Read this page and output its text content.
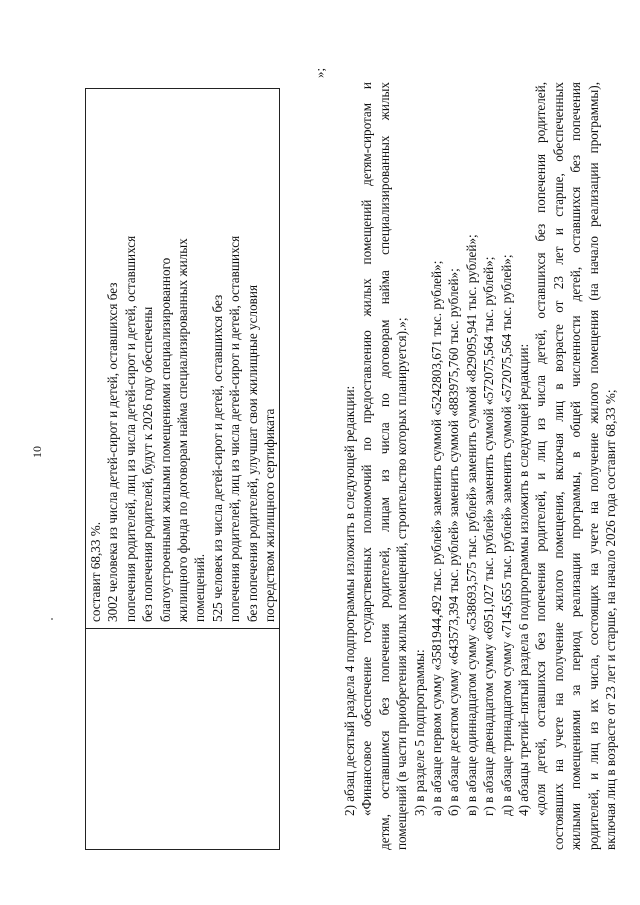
10

составит 68,33 %. 3002 человека из числа детей-сирот и детей, оставшихся без попечения родителей, лиц из числа детей-сирот и детей, оставшихся без попечения родителей, будут к 2026 году обеспечены благоустроенными жилыми помещениями специализированного жилищного фонда по договорам найма специализированных жилых помещений. 525 человек из числа детей-сирот и детей, оставшихся без попечения родителей, лиц из числа детей-сирот и детей, оставшихся без попечения родителей, улучшат свои жилищные условия посредством жилищного сертификата
»;

2) абзац десятый раздела 4 подпрограммы изложить в следующей редакции: «Финансовое обеспечение государственных полномочий по предоставлению жилых помещений детям-сиротам и детям, оставшимся без попечения родителей, лицам из числа по договорам найма специализированных жилых помещений (в части приобретения жилых помещений, строительство которых планируется).»; 3) в разделе 5 подпрограммы: а) в абзаце первом сумму «3581944,492 тыс. рублей» заменить суммой «5242803,671 тыс. рублей»; б) в абзаце десятом сумму «643573,394 тыс. рублей» заменить суммой «883975,760 тыс. рублей»; в) в абзаце одиннадцатом сумму «538693,575 тыс. рублей» заменить суммой «829095,941 тыс. рублей»; г) в абзаце двенадцатом сумму «6951,027 тыс. рублей» заменить суммой «572075,564 тыс. рублей»; д) в абзаце тринадцатом сумму «7145,655 тыс. рублей» заменить суммой «572075,564 тыс. рублей»; 4) абзацы третий–пятый раздела 6 подпрограммы изложить в следующей редакции: «доля детей, оставшихся без попечения родителей, и лиц из числа детей, оставшихся без попечения родителей, состоявших на учете на получение жилого помещения, включая лиц в возрасте от 23 лет и старше, обеспеченных жилыми помещениями за период реализации программы, в общей численности детей, оставшихся без попечения родителей, и лиц из их числа, состоящих на учете на получение жилого помещения (на начало реализации программы), включая лиц в возрасте от 23 лет и старше, на начало 2026 года составит 68,33 %;
